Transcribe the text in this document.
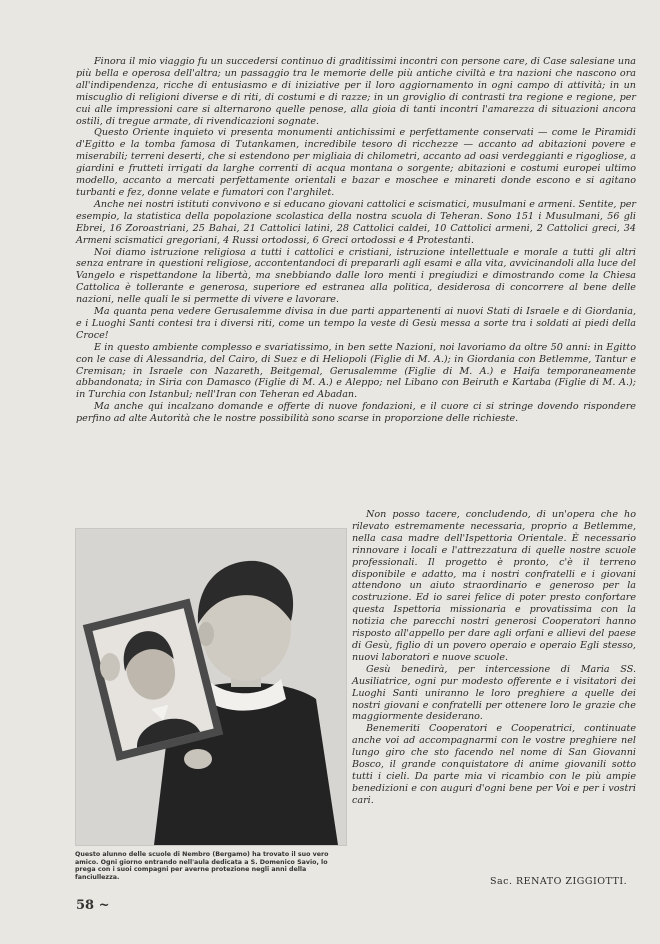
Finora il mio viaggio fu un succedersi continuo di graditissimi incontri con persone care, di Case salesiane una più bella e operosa dell'altra; un passaggio tra le memorie delle più antiche civiltà e tra nazioni che nascono ora all'indipendenza, ricche di entusiasmo e di iniziative per il loro aggiornamento in ogni campo di attività; in un miscuglio di religioni diverse e di riti, di costumi e di razze; in un groviglio di contrasti tra regione e regione, per cui alle impressioni care si alternarono quelle penose, alla gioia di tanti incontri l'amarezza di situazioni ancora ostili, di tregue armate, di rivendicazioni sognate.

Questo Oriente inquieto vi presenta monumenti antichissimi e perfettamente conservati — come le Piramidi d'Egitto e la tomba famosa di Tutankamen, incredibile tesoro di ricchezze — accanto ad abitazioni povere e miserabili; terreni deserti, che si estendono per migliaia di chilometri, accanto ad oasi verdeggianti e rigogliose, a giardini e frutteti irrigati da larghe correnti di acqua montana o sorgente; abitazioni e costumi europei ultimo modello, accanto a mercati perfettamente orientali e bazar e moschee e minareti donde escono e si agitano turbanti e fez, donne velate e fumatori con l'arghilet.

Anche nei nostri istituti convivono e si educano giovani cattolici e scismatici, musulmani e armeni. Sentite, per esempio, la statistica della popolazione scolastica della nostra scuola di Teheran. Sono 151 i Musulmani, 56 gli Ebrei, 16 Zoroastriani, 25 Bahai, 21 Cattolici latini, 28 Cattolici caldei, 10 Cattolici armeni, 2 Cattolici greci, 34 Armeni scismatici gregoriani, 4 Russi ortodossi, 6 Greci ortodossi e 4 Protestanti.

Noi diamo istruzione religiosa a tutti i cattolici e cristiani, istruzione intellettuale e morale a tutti gli altri senza entrare in questioni religiose, accontentandoci di prepararli agli esami e alla vita, avvicinandoli alla luce del Vangelo e rispettandone la libertà, ma snebbiando dalle loro menti i pregiudizi e dimostrando come la Chiesa Cattolica è tollerante e generosa, superiore ed estranea alla politica, desiderosa di concorrere al bene delle nazioni, nelle quali le si permette di vivere e lavorare.

Ma quanta pena vedere Gerusalemme divisa in due parti appartenenti ai nuovi Stati di Israele e di Giordania, e i Luoghi Santi contesi tra i diversi riti, come un tempo la veste di Gesù messa a sorte tra i soldati ai piedi della Croce!

E in questo ambiente complesso e svariatissimo, in ben sette Nazioni, noi lavoriamo da oltre 50 anni: in Egitto con le case di Alessandria, del Cairo, di Suez e di Heliopoli (Figlie di M. A.); in Giordania con Betlemme, Tantur e Cremisan; in Israele con Nazareth, Beitgemal, Gerusalemme (Figlie di M. A.) e Haifa temporaneamente abbandonata; in Siria con Damasco (Figlie di M. A.) e Aleppo; nel Libano con Beiruth e Kartaba (Figlie di M. A.); in Turchia con Istanbul; nell'Iran con Teheran ed Abadan.

Ma anche qui incalzano domande e offerte di nuove fondazioni, e il cuore ci si stringe dovendo rispondere perfino ad alte Autorità che le nostre possibilità sono scarse in proporzione delle richieste.

Questo alunno delle scuole di Nembro (Bergamo) ha trovato il suo vero amico. Ogni giorno entrando nell'aula dedicata a S. Domenico Savio, lo prega con i suoi compagni per averne protezione negli anni della fanciullezza.

Non posso tacere, concludendo, di un'opera che ho rilevato estremamente necessaria, proprio a Betlemme, nella casa madre dell'Ispettoria Orientale. È necessario rinnovare i locali e l'attrezzatura di quelle nostre scuole professionali. Il progetto è pronto, c'è il terreno disponibile e adatto, ma i nostri confratelli e i giovani attendono un aiuto straordinario e generoso per la costruzione. Ed io sarei felice di poter presto confortare questa Ispettoria missionaria e provatissima con la notizia che parecchi nostri generosi Cooperatori hanno risposto all'appello per dare agli orfani e allievi del paese di Gesù, figlio di un povero operaio e operaio Egli stesso, nuovi laboratori e nuove scuole.

Gesù benedirà, per intercessione di Maria SS. Ausiliatrice, ogni pur modesto offerente e i visitatori dei Luoghi Santi uniranno le loro preghiere a quelle dei nostri giovani e confratelli per ottenere loro le grazie che maggiormente desiderano.

Benemeriti Cooperatori e Cooperatrici, continuate anche voi ad accompagnarmi con le vostre preghiere nel lungo giro che sto facendo nel nome di San Giovanni Bosco, il grande conquistatore di anime giovanili sotto tutti i cieli. Da parte mia vi ricambio con le più ampie benedizioni e con auguri d'ogni bene per Voi e per i vostri cari.

Sac. RENATO ZIGGIOTTI.
58 ~
